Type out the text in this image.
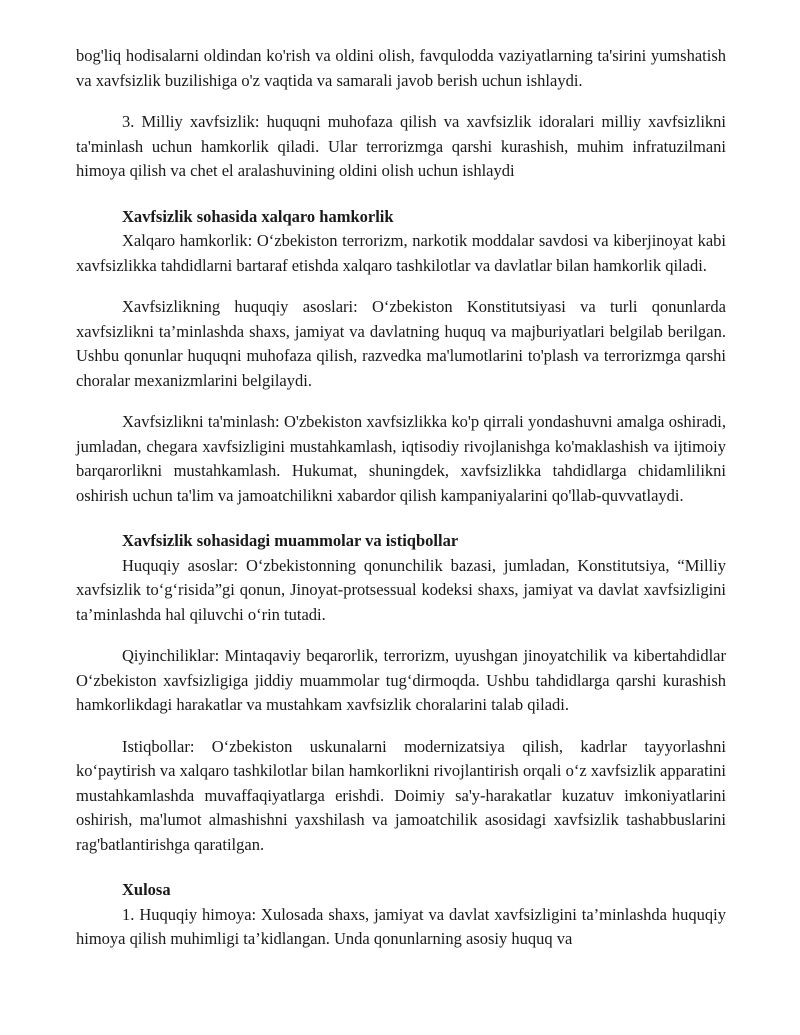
bog'liq hodisalarni oldindan ko'rish va oldini olish, favqulodda vaziyatlarning ta'sirini yumshatish va xavfsizlik buzilishiga o'z vaqtida va samarali javob berish uchun ishlaydi.

3. Milliy xavfsizlik: huquqni muhofaza qilish va xavfsizlik idoralari milliy xavfsizlikni ta'minlash uchun hamkorlik qiladi. Ular terrorizmga qarshi kurashish, muhim infratuzilmani himoya qilish va chet el aralashuvining oldini olish uchun ishlaydi

Xavfsizlik sohasida xalqaro hamkorlik

Xalqaro hamkorlik: O‘zbekiston terrorizm, narkotik moddalar savdosi va kiberjinoyat kabi xavfsizlikka tahdidlarni bartaraf etishda xalqaro tashkilotlar va davlatlar bilan hamkorlik qiladi.

Xavfsizlikning huquqiy asoslari: O‘zbekiston Konstitutsiyasi va turli qonunlarda xavfsizlikni ta’minlashda shaxs, jamiyat va davlatning huquq va majburiyatlari belgilab berilgan. Ushbu qonunlar huquqni muhofaza qilish, razvedka ma'lumotlarini to'plash va terrorizmga qarshi choralar mexanizmlarini belgilaydi.

Xavfsizlikni ta'minlash: O'zbekiston xavfsizlikka ko'p qirrali yondashuvni amalga oshiradi, jumladan, chegara xavfsizligini mustahkamlash, iqtisodiy rivojlanishga ko'maklashish va ijtimoiy barqarorlikni mustahkamlash. Hukumat, shuningdek, xavfsizlikka tahdidlarga chidamlilikni oshirish uchun ta'lim va jamoatchilikni xabardor qilish kampaniyalarini qo'llab-quvvatlaydi.

Xavfsizlik sohasidagi muammolar va istiqbollar

Huquqiy asoslar: O‘zbekistonning qonunchilik bazasi, jumladan, Konstitutsiya, “Milliy xavfsizlik to‘g‘risida”gi qonun, Jinoyat-protsessual kodeksi shaxs, jamiyat va davlat xavfsizligini ta’minlashda hal qiluvchi o‘rin tutadi.

Qiyinchiliklar: Mintaqaviy beqarorlik, terrorizm, uyushgan jinoyatchilik va kibertahdidlar O‘zbekiston xavfsizligiga jiddiy muammolar tug‘dirmoqda. Ushbu tahdidlarga qarshi kurashish hamkorlikdagi harakatlar va mustahkam xavfsizlik choralarini talab qiladi.

Istiqbollar: O‘zbekiston uskunalarni modernizatsiya qilish, kadrlar tayyorlashni ko‘paytirish va xalqaro tashkilotlar bilan hamkorlikni rivojlantirish orqali o‘z xavfsizlik apparatini mustahkamlashda muvaffaqiyatlarga erishdi. Doimiy sa'y-harakatlar kuzatuv imkoniyatlarini oshirish, ma'lumot almashishni yaxshilash va jamoatchilik asosidagi xavfsizlik tashabbuslarini rag'batlantirishga qaratilgan.

Xulosa

1. Huquqiy himoya: Xulosada shaxs, jamiyat va davlat xavfsizligini ta’minlashda huquqiy himoya qilish muhimligi ta’kidlangan. Unda qonunlarning asosiy huquq va
